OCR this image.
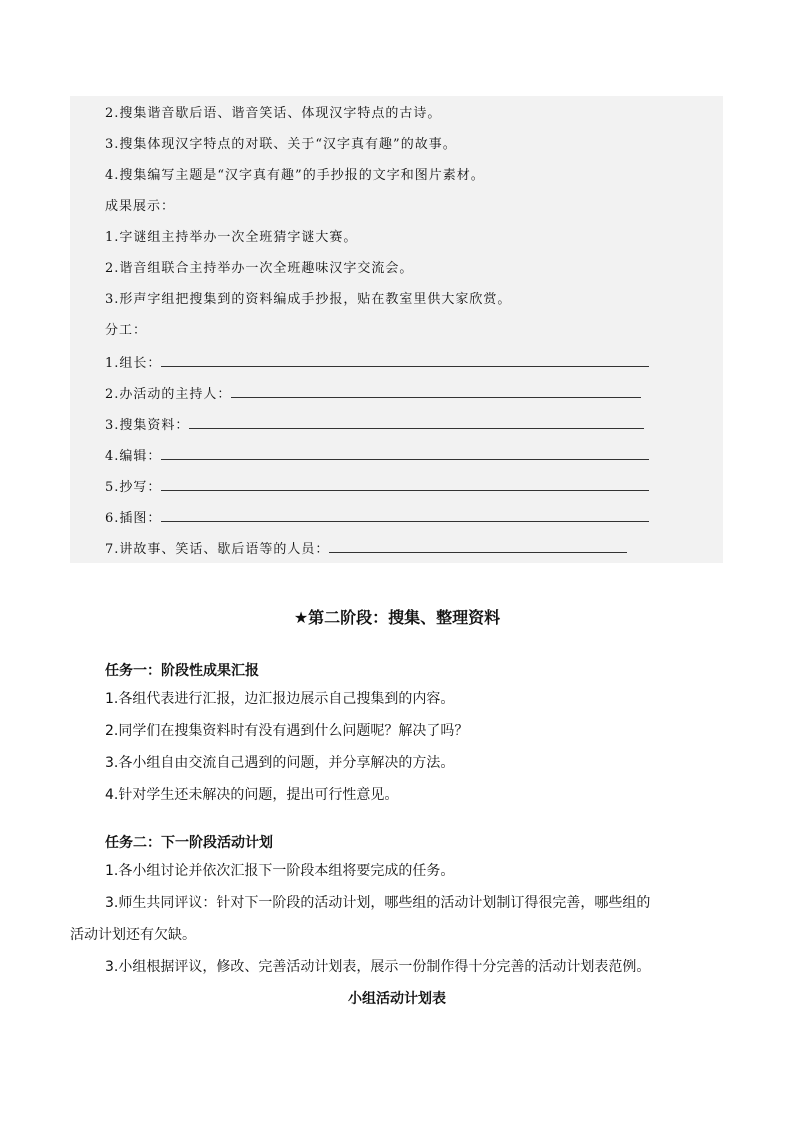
2.搜集谐音歇后语、谐音笑话、体现汉字特点的古诗。
3.搜集体现汉字特点的对联、关于“汉字真有趣”的故事。
4.搜集编写主题是“汉字真有趣”的手抄报的文字和图片素材。
成果展示：
1.字谜组主持举办一次全班猜字谜大赛。
2.谐音组联合主持举办一次全班趣味汉字交流会。
3.形声字组把搜集到的资料编成手抄报，贴在教室里供大家欣赏。
分工：
1.组长：
2.办活动的主持人：
3.搜集资料：
4.编辑：
5.抄写：
6.插图：
7.讲故事、笑话、歇后语等的人员：
★第二阶段：搜集、整理资料
任务一：阶段性成果汇报
1.各组代表进行汇报，边汇报边展示自己搜集到的内容。
2.同学们在搜集资料时有没有遇到什么问题呢？解决了吗？
3.各小组自由交流自己遇到的问题，并分享解决的方法。
4.针对学生还未解决的问题，提出可行性意见。
任务二：下一阶段活动计划
1.各小组讨论并依次汇报下一阶段本组将要完成的任务。
3.师生共同评议：针对下一阶段的活动计划，哪些组的活动计划制订得很完善，哪些组的
活动计划还有欠缺。
3.小组根据评议，修改、完善活动计划表，展示一份制作得十分完善的活动计划表范例。
小组活动计划表
